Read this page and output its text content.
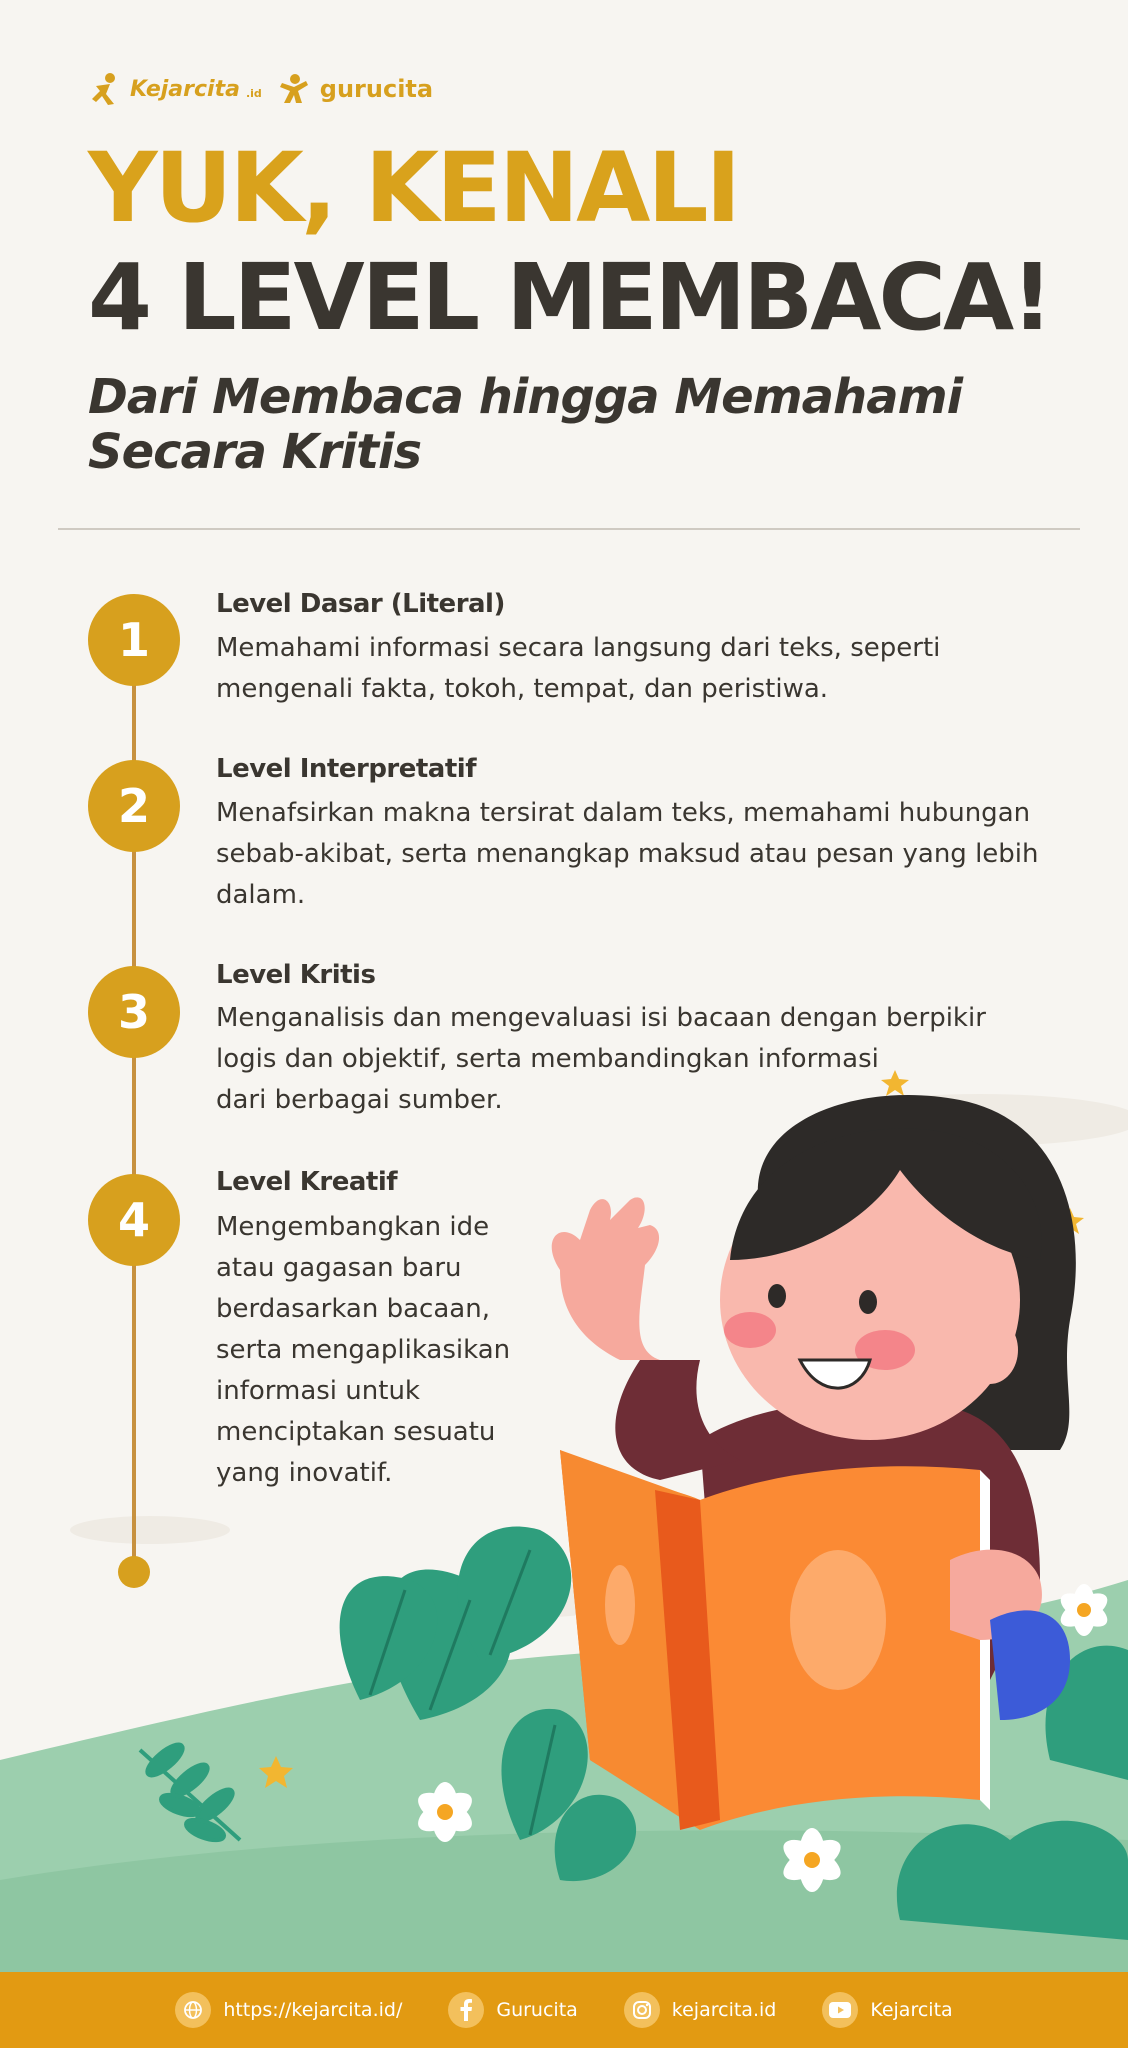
Kejarcita .id gurucita
YUK, KENALI
4 LEVEL MEMBACA!
Dari Membaca hingga Memahami
Secara Kritis
1
Level Dasar (Literal)
Memahami informasi secara langsung dari teks, seperti
mengenali fakta, tokoh, tempat, dan peristiwa.
2
Level Interpretatif
Menafsirkan makna tersirat dalam teks, memahami hubungan
sebab-akibat, serta menangkap maksud atau pesan yang lebih
dalam.
3
Level Kritis
Menganalisis dan mengevaluasi isi bacaan dengan berpikir
logis dan objektif, serta membandingkan informasi
dari berbagai sumber.
4
Level Kreatif
Mengembangkan ide
atau gagasan baru
berdasarkan bacaan,
serta mengaplikasikan
informasi untuk
menciptakan sesuatu
yang inovatif.
https://kejarcita.id/	Gurucita	kejarcita.id	Kejarcita
